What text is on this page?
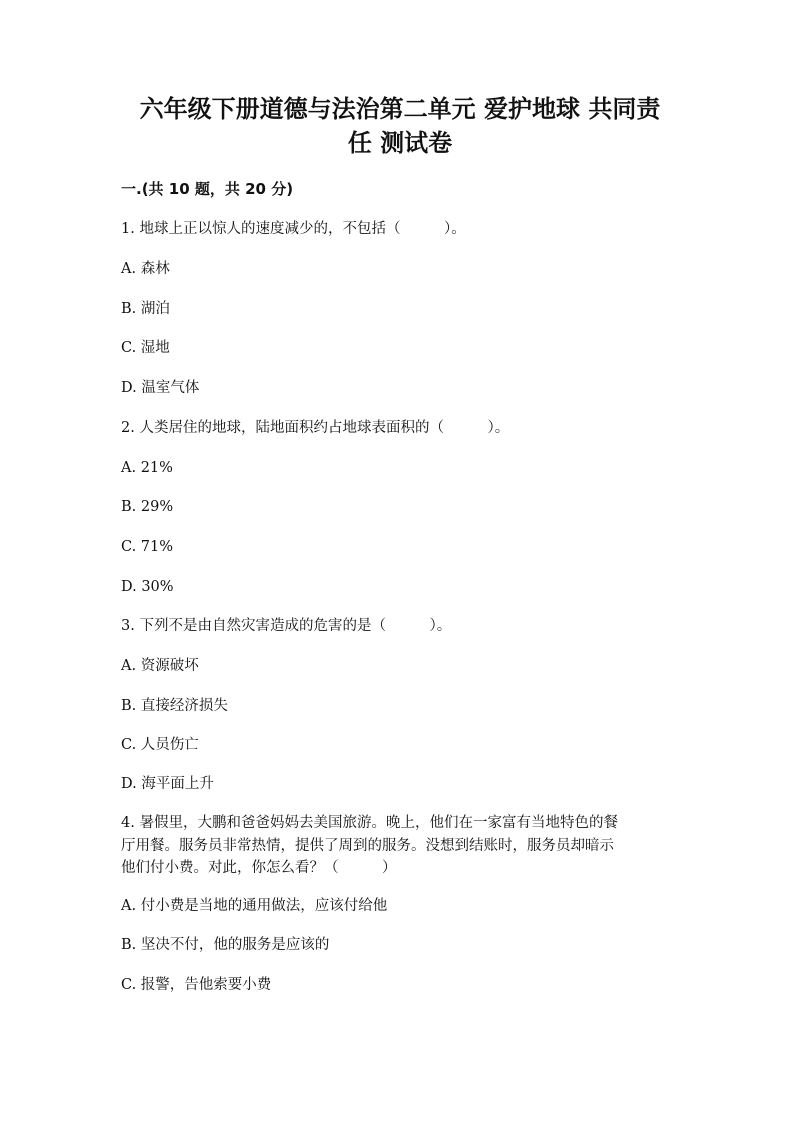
六年级下册道德与法治第二单元 爱护地球 共同责
任 测试卷
一.(共 10 题，共 20 分)
1. 地球上正以惊人的速度减少的，不包括（　　　）。
A. 森林
B. 湖泊
C. 湿地
D. 温室气体
2. 人类居住的地球，陆地面积约占地球表面积的（　　　）。
A. 21%
B. 29%
C. 71%
D. 30%
3. 下列不是由自然灾害造成的危害的是（　　　）。
A. 资源破坏
B. 直接经济损失
C. 人员伤亡
D. 海平面上升
4. 暑假里，大鹏和爸爸妈妈去美国旅游。晚上，他们在一家富有当地特色的餐
厅用餐。服务员非常热情，提供了周到的服务。没想到结账时，服务员却暗示
他们付小费。对此，你怎么看？（　　　）
A. 付小费是当地的通用做法，应该付给他
B. 坚决不付，他的服务是应该的
C. 报警，告他索要小费
